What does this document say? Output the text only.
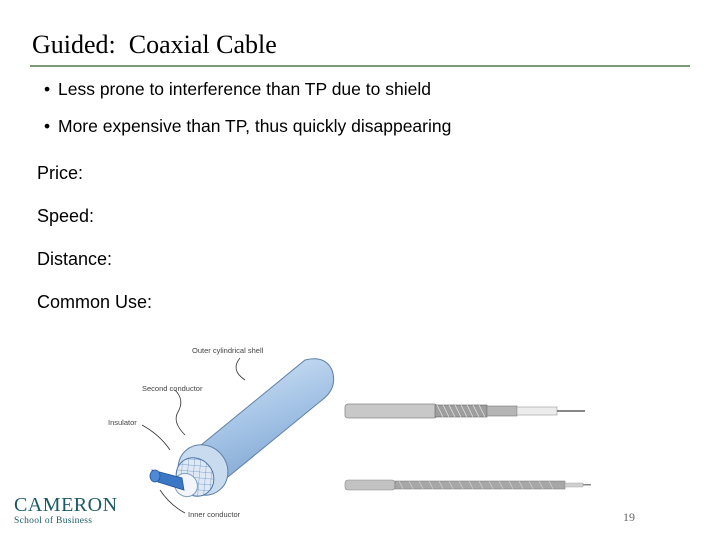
Guided:  Coaxial Cable
• Less prone to interference than TP due to shield
• More expensive than TP, thus quickly disappearing
Price:
Speed:
Distance:
Common Use:
Outer cylindrical shell
Second conductor
Insulator
Inner conductor
CAMERON
School of Business	19
